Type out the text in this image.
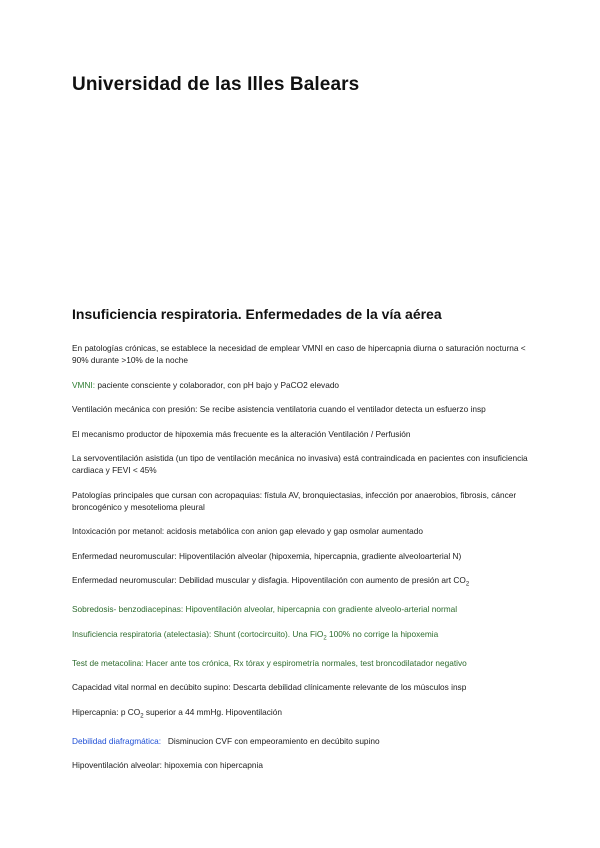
Universidad de las Illes Balears
Insuficiencia respiratoria. Enfermedades de la vía aérea

En patologías crónicas, se establece la necesidad de emplear VMNI en caso de hipercapnia diurna o saturación nocturna < 90% durante >10% de la noche

VMNI: paciente consciente y colaborador, con pH bajo y PaCO2 elevado

Ventilación mecánica con presión: Se recibe asistencia ventilatoria cuando el ventilador detecta un esfuerzo insp

El mecanismo productor de hipoxemia más frecuente es la alteración Ventilación / Perfusión

La servoventilación asistida (un tipo de ventilación mecánica no invasiva) está contraindicada en pacientes con insuficiencia cardiaca y FEVI < 45%

Patologías principales que cursan con acropaquias: fístula AV, bronquiectasias, infección por anaerobios, fibrosis, cáncer broncogénico y mesotelioma pleural

Intoxicación por metanol: acidosis metabólica con anion gap elevado y gap osmolar aumentado

Enfermedad neuromuscular: Hipoventilación alveolar (hipoxemia, hipercapnia, gradiente alveoloarterial N)

Enfermedad neuromuscular: Debilidad muscular y disfagia. Hipoventilación con aumento de presión art $CO_2$

Sobredosis- benzodiacepinas: Hipoventilación alveolar, hipercapnia con gradiente alveolo-arterial normal

Insuficiencia respiratoria (atelectasia): Shunt (cortocircuito). Una FiO$_2$ 100% no corrige la hipoxemia

Test de metacolina: Hacer ante tos crónica, Rx tórax y espirometría normales, test broncodilatador negativo

Capacidad vital normal en decúbito supino: Descarta debilidad clínicamente relevante de los músculos insp

Hipercapnia: p $CO_2$ superior a 44 mmHg. Hipoventilación

Debilidad diafragmática:   Disminucion CVF con empeoramiento en decúbito supino

Hipoventilación alveolar: hipoxemia con hipercapnia
